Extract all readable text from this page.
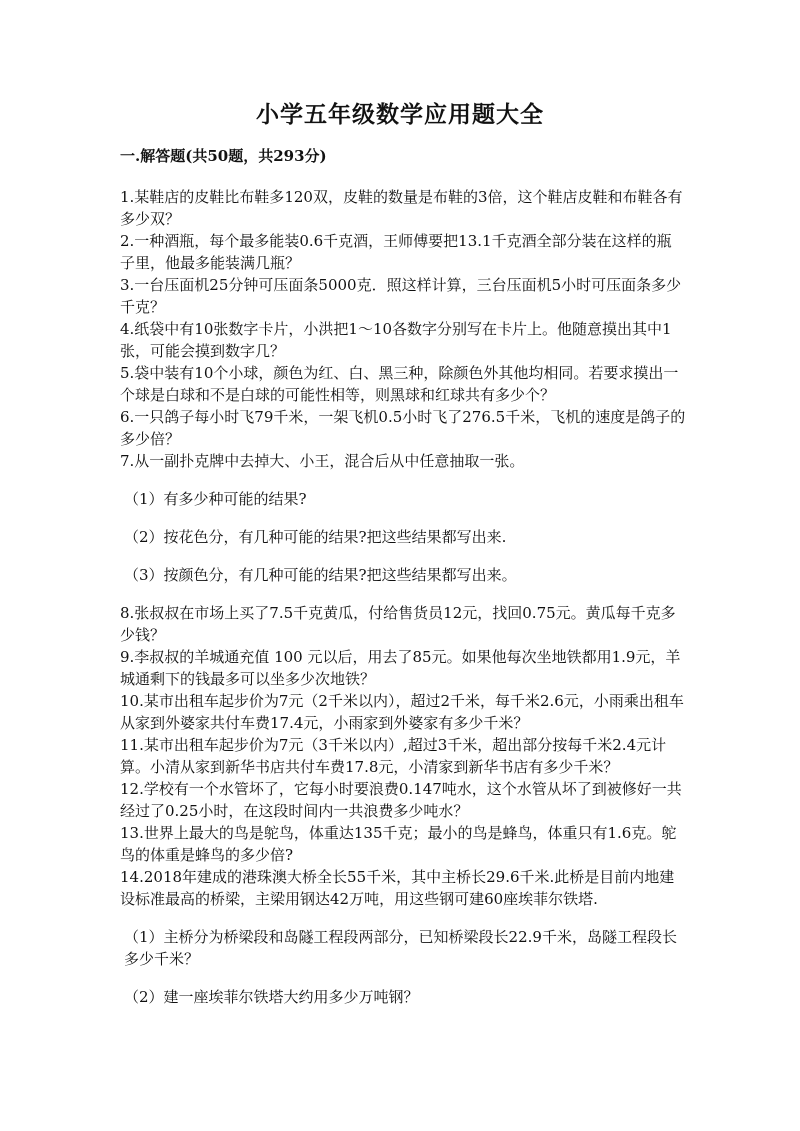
小学五年级数学应用题大全
一.解答题(共50题，共293分)

1.某鞋店的皮鞋比布鞋多120双，皮鞋的数量是布鞋的3倍，这个鞋店皮鞋和布鞋各有多少双？

2.一种酒瓶，每个最多能装0.6千克酒，王师傅要把13.1千克酒全部分装在这样的瓶子里，他最多能装满几瓶？

3.一台压面机25分钟可压面条5000克．照这样计算，三台压面机5小时可压面条多少千克？

4.纸袋中有10张数字卡片，小洪把1～10各数字分别写在卡片上。他随意摸出其中1张，可能会摸到数字几？

5.袋中装有10个小球，颜色为红、白、黑三种，除颜色外其他均相同。若要求摸出一个球是白球和不是白球的可能性相等，则黑球和红球共有多少个？

6.一只鸽子每小时飞79千米，一架飞机0.5小时飞了276.5千米，飞机的速度是鸽子的多少倍？

7.从一副扑克牌中去掉大、小王，混合后从中任意抽取一张。

（1）有多少种可能的结果?

（2）按花色分，有几种可能的结果?把这些结果都写出来.

（3）按颜色分，有几种可能的结果?把这些结果都写出来。

8.张叔叔在市场上买了7.5千克黄瓜，付给售货员12元，找回0.75元。黄瓜每千克多少钱？

9.李叔叔的羊城通充值 100 元以后，用去了85元。如果他每次坐地铁都用1.9元，羊城通剩下的钱最多可以坐多少次地铁？

10.某市出租车起步价为7元（2千米以内），超过2千米，每千米2.6元，小雨乘出租车从家到外婆家共付车费17.4元，小雨家到外婆家有多少千米？

11.某市出租车起步价为7元（3千米以内）,超过3千米，超出部分按每千米2.4元计算。小清从家到新华书店共付车费17.8元，小清家到新华书店有多少千米？

12.学校有一个水管坏了，它每小时要浪费0.147吨水，这个水管从坏了到被修好一共经过了0.25小时，在这段时间内一共浪费多少吨水？

13.世界上最大的鸟是鸵鸟，体重达135千克；最小的鸟是蜂鸟，体重只有1.6克。鸵鸟的体重是蜂鸟的多少倍?

14.2018年建成的港珠澳大桥全长55千米，其中主桥长29.6千米.此桥是目前内地建设标准最高的桥梁，主梁用钢达42万吨，用这些钢可建60座埃菲尔铁塔.

（1）主桥分为桥梁段和岛隧工程段两部分，已知桥梁段长22.9千米，岛隧工程段长多少千米？

（2）建一座埃菲尔铁塔大约用多少万吨钢？
